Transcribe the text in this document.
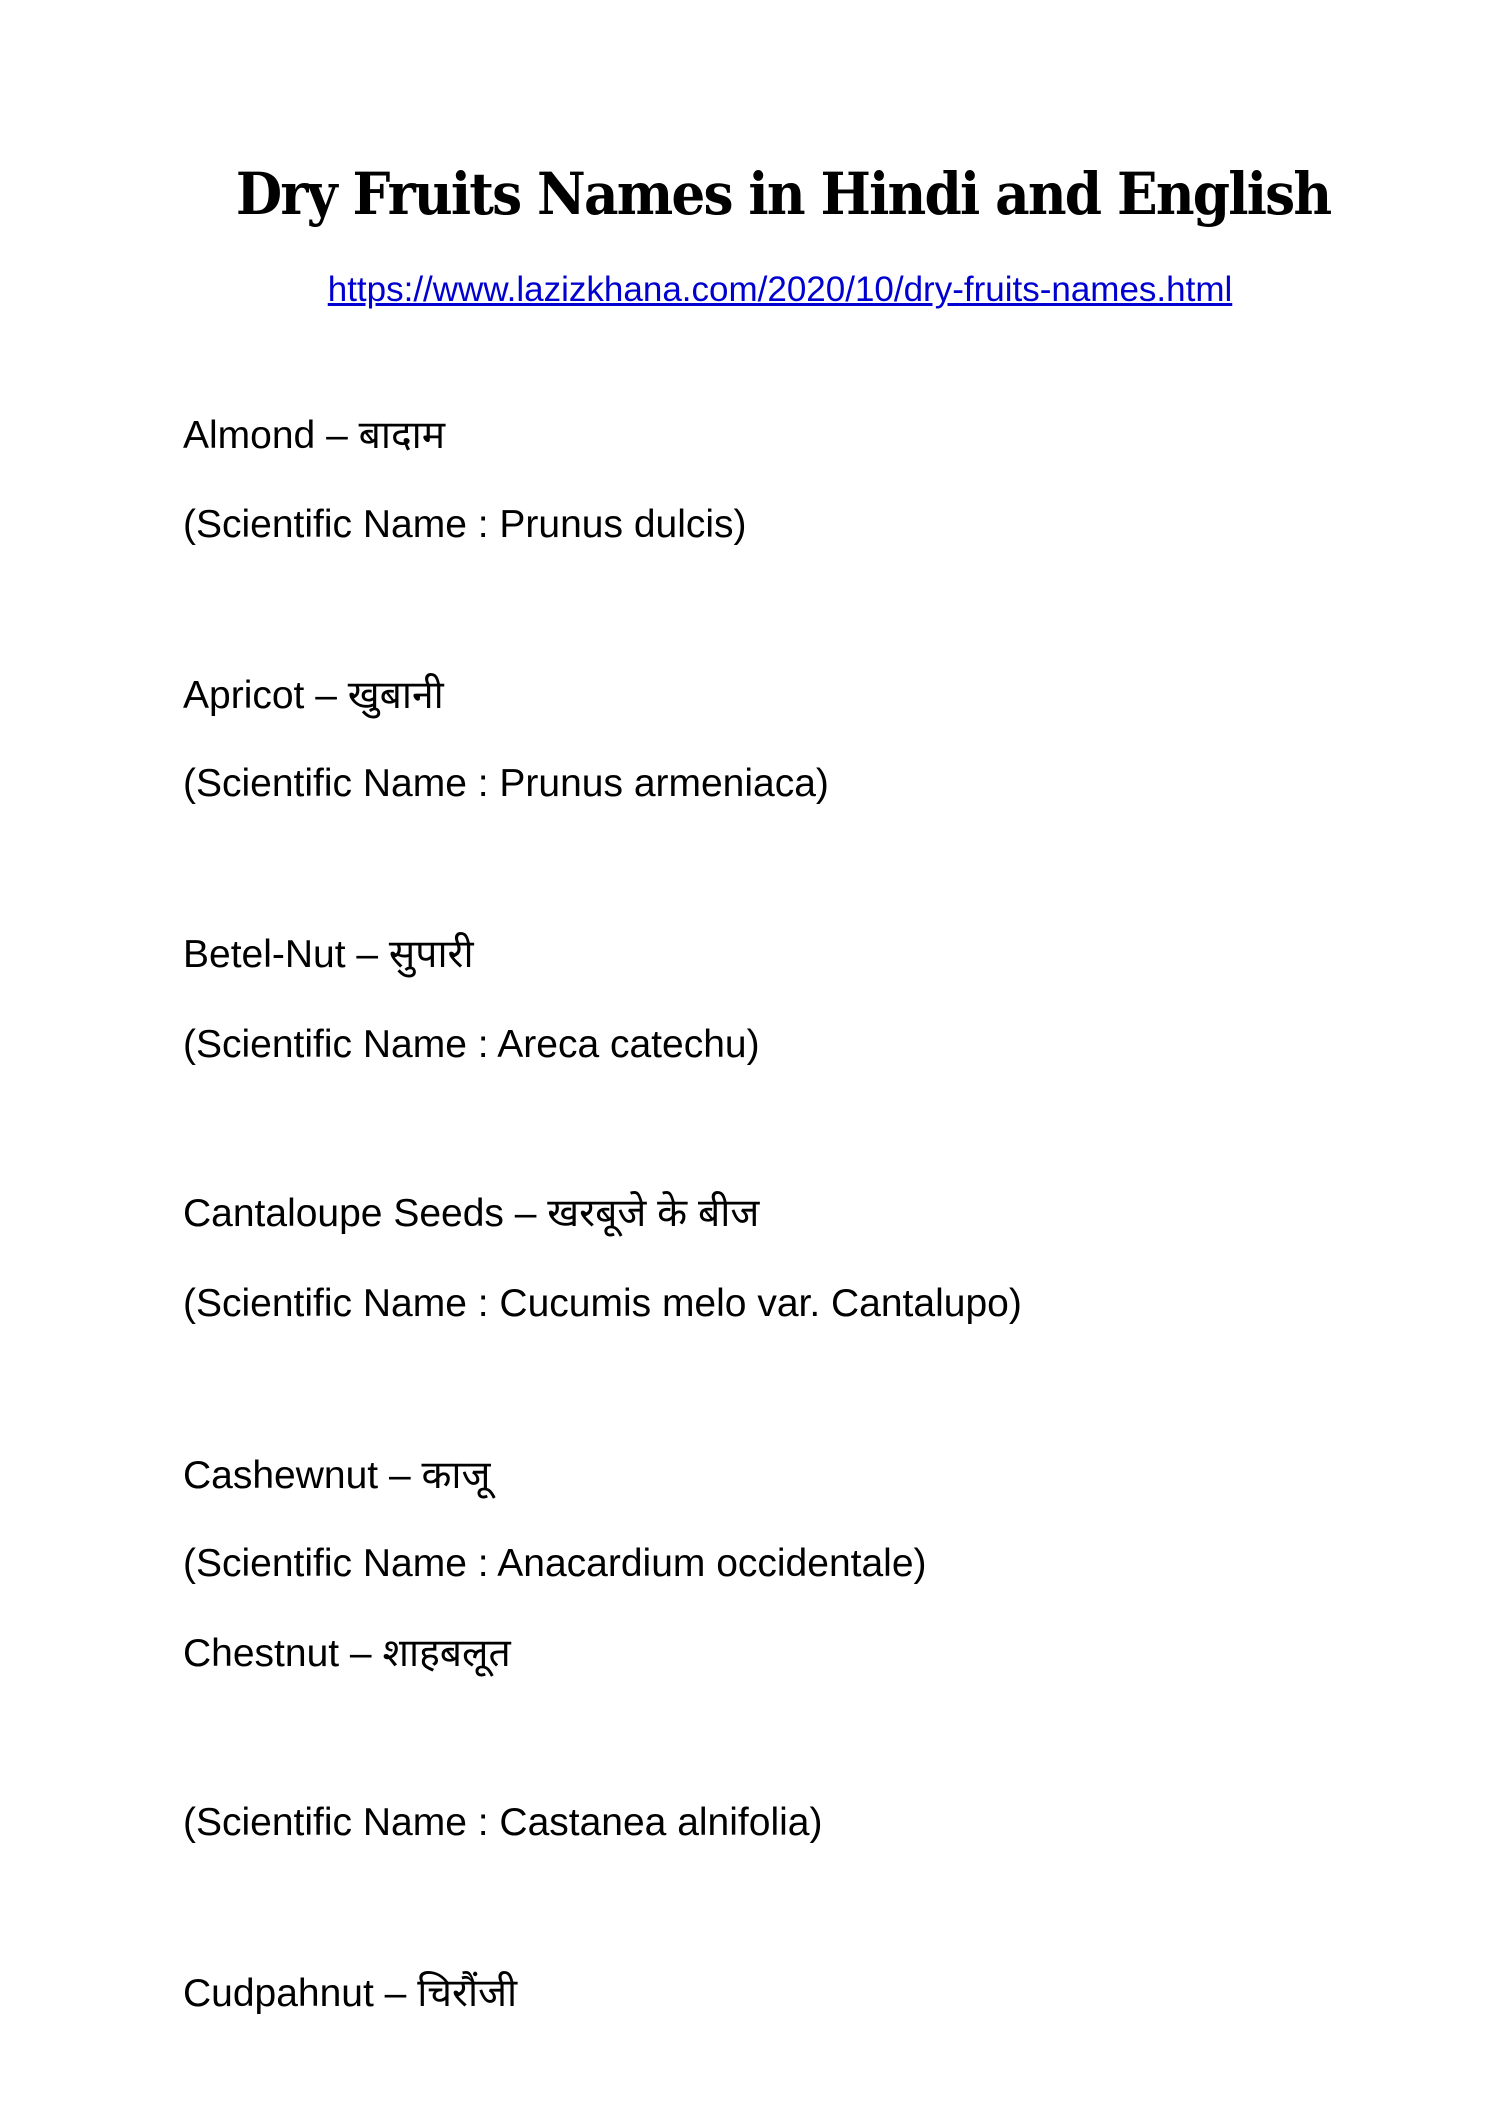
Dry Fruits Names in Hindi and English
https://www.lazizkhana.com/2020/10/dry-fruits-names.html
Almond – बादाम
(Scientific Name : Prunus dulcis)
Apricot – खुबानी
(Scientific Name : Prunus armeniaca)
Betel-Nut – सुपारी
(Scientific Name : Areca catechu)
Cantaloupe Seeds – खरबूजे के बीज
(Scientific Name : Cucumis melo var. Cantalupo)
Cashewnut – काजू
(Scientific Name : Anacardium occidentale)
Chestnut – शाहबलूत
(Scientific Name : Castanea alnifolia)
Cudpahnut – चिरौंजी
